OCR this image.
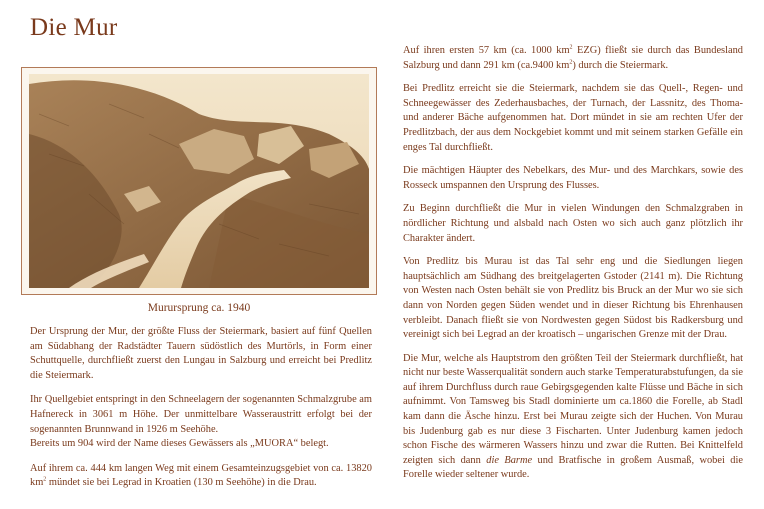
Die Mur
Murursprung ca. 1940

Der Ursprung der Mur, der größte Fluss der Steiermark, basiert auf fünf Quellen am Südabhang der Radstädter Tauern südöstlich des Murtörls, in Form einer Schuttquelle, durchfließt zuerst den Lungau in Salzburg und erreicht bei Predlitz die Steiermark.

Ihr Quellgebiet entspringt in den Schneelagern der sogenannten Schmalzgrube am Hafnereck in 3061 m Höhe. Der unmittelbare Wasseraustritt erfolgt bei der sogenannten Brunnwand in 1926 m Seehöhe.
Bereits um 904 wird der Name dieses Gewässers als „MUORA“ belegt.

Auf ihrem ca. 444 km langen Weg mit einem Gesamteinzugsgebiet von ca. 13820 $km^2$ mündet sie bei Legrad in Kroatien (130 m Seehöhe) in die Drau.

Auf ihren ersten 57 km (ca. 1000 $km^2$ EZG) fließt sie durch das Bundesland Salzburg und dann 291 km (ca.9400 $km^2$) durch die Steiermark.

Bei Predlitz erreicht sie die Steiermark, nachdem sie das Quell-, Regen- und Schneegewässer des Zederhausbaches, der Turnach, der Lassnitz, des Thoma- und anderer Bäche aufgenommen hat. Dort mündet in sie am rechten Ufer der Predlitzbach, der aus dem Nockgebiet kommt und mit seinem starken Gefälle ein enges Tal durchfließt.

Die mächtigen Häupter des Nebelkars, des Mur- und des Marchkars, sowie des Rosseck umspannen den Ursprung des Flusses.

Zu Beginn durchfließt die Mur in vielen Windungen den Schmalzgraben in nördlicher Richtung und alsbald nach Osten wo sich auch ganz plötzlich ihr Charakter ändert.

Von Predlitz bis Murau ist das Tal sehr eng und die Siedlungen liegen hauptsächlich am Südhang des breitgelagerten Gstoder (2141 m). Die Richtung von Westen nach Osten behält sie von Predlitz bis Bruck an der Mur wo sie sich dann von Norden gegen Süden wendet und in dieser Richtung bis Ehrenhausen verbleibt. Danach fließt sie von Nordwesten gegen Südost bis Radkersburg und vereinigt sich bei Legrad an der kroatisch – ungarischen Grenze mit der Drau.

Die Mur, welche als Hauptstrom den größten Teil der Steiermark durchfließt, hat nicht nur beste Wasserqualität sondern auch starke Temperaturabstufungen, da sie auf ihrem Durchfluss durch raue Gebirgsgegenden kalte Flüsse und Bäche in sich aufnimmt. Von Tamsweg bis Stadl dominierte um ca.1860 die Forelle, ab Stadl kam dann die Äsche hinzu. Erst bei Murau zeigte sich der Huchen. Von Murau bis Judenburg gab es nur diese 3 Fischarten. Unter Judenburg kamen jedoch schon Fische des wärmeren Wassers hinzu und zwar die Rutten. Bei Knittelfeld zeigten sich dann die Barme und Bratfische in großem Ausmaß, wobei die Forelle wieder seltener wurde.
